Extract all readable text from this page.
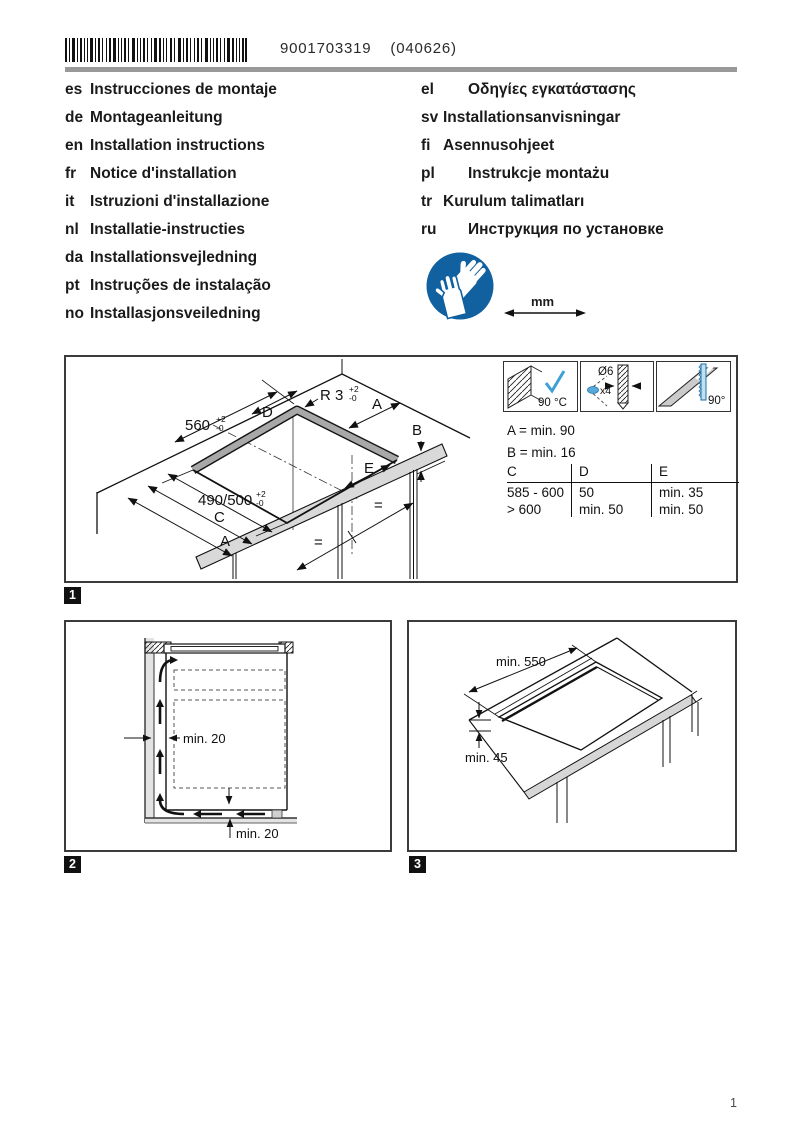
9001703319 (040626)
es Instrucciones de montaje
de Montageanleitung
en Installation instructions
fr Notice d'installation
it Istruzioni d'installazione
nl Installatie-instructies
da Installationsvejledning
pt Instruções de instalação
no Installasjonsveiledning
el Οδηγίες εγκατάστασης
sv Installationsanvisningar
fi Asennusohjeet
pl Instrukcje montażu
tr Kurulum talimatları
ru Инструкция по установке
mm
560 +2
-0
D
R 3 +2
-0 A
B
E
490/500 +2
-0
C
A
=
=
90 °C
Ø6
x4
90°
A = min. 90
B = min. 16
C	D	E
585 - 600	50	min. 35
> 600	min. 50	min. 50
1
min. 20
min. 20
2
min. 550
min. 45
3
1
